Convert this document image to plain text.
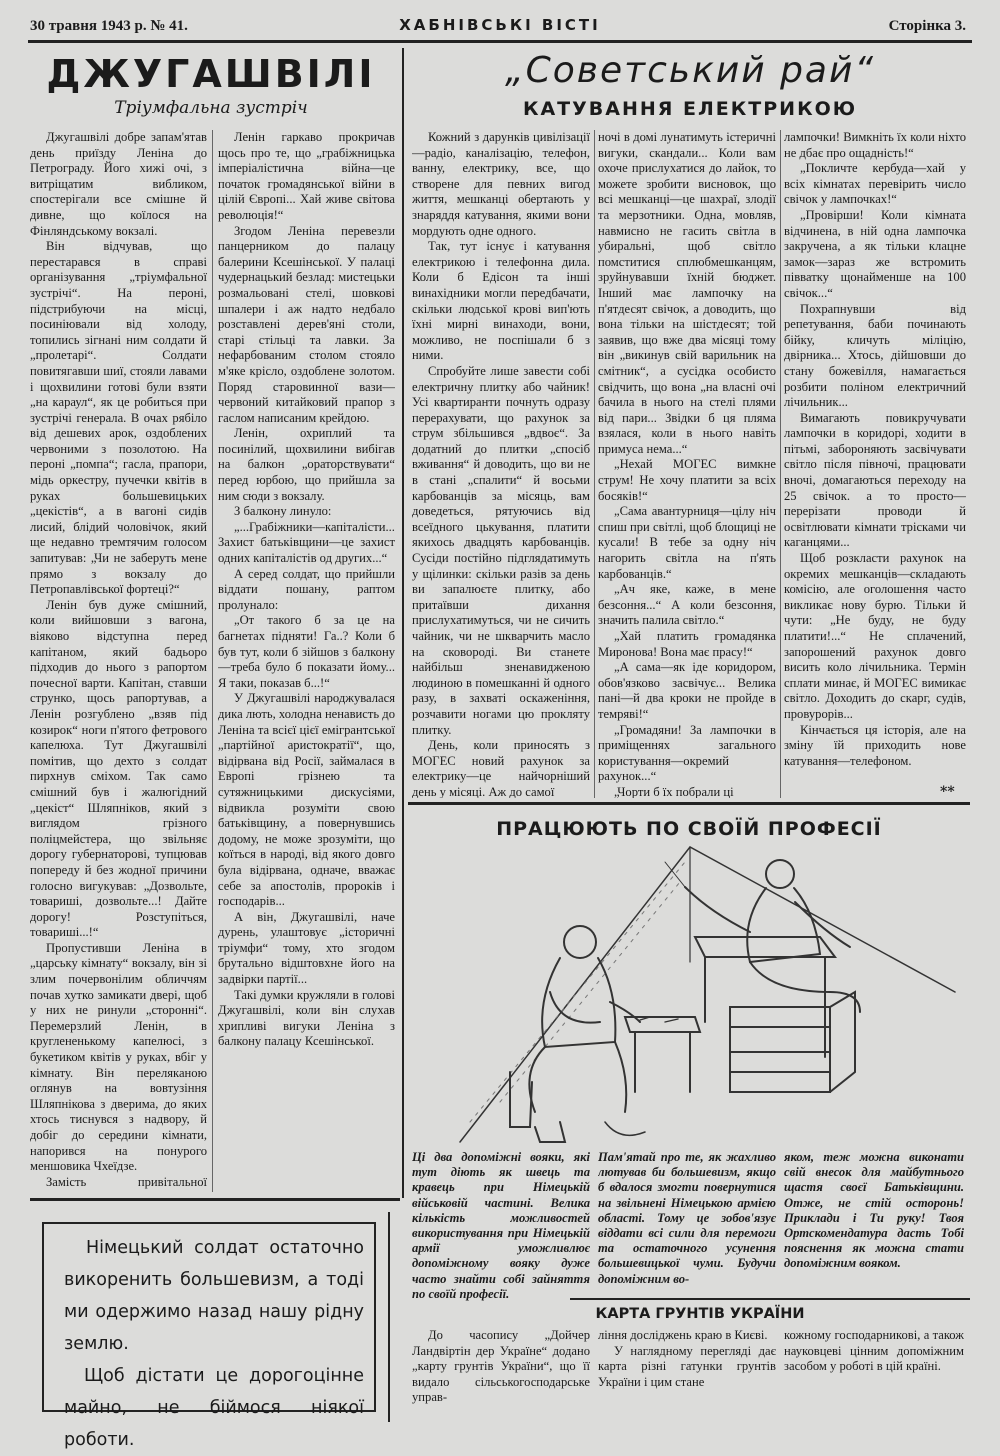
30 травня 1943 р. № 41.	ХАБНІВСЬКІ ВІСТІ	Сторінка 3.
ДЖУГАШВІЛІ
Тріумфальна зустріч

Джугашвілі добре запам'ятав день приїзду Леніна до Петрограду. Його хижі очі, з витріщатим вибликом, спостерігали все смішне й дивне, що коїлося на Фінляндському вокзалі.

Він відчував, що перестарався в справі організування „тріумфальної зустрічі“. На пероні, підстрибуючи на місці, посиніювали від холоду, топились зігнані ним солдати й „пролетарі“. Солдати повитягавши шиї, стояли лавами і щохвилини готові були взяти „на караул“, як це робиться при зустрічі генерала. В очах рябіло від дешевих арок, оздоблених червоними з позолотою. На пероні „помпа“; гасла, прапори, мідь оркестру, пучечки квітів в руках большевицьких „цекістів“, а в вагоні сидів лисий, блідий чоловічок, який ще недавно тремтячим голосом запитував: „Чи не заберуть мене прямо з вокзалу до Петропавлівської фортеці?“

Ленін був дуже смішний, коли вийшовши з вагона, віяково відступна перед капітаном, який бадьоро підходив до нього з рапортом почесної варти. Капітан, ставши струнко, щось рапортував, а Ленін розгублено „взяв під козирок“ ноги п'ятого фетрового капелюха. Тут Джугашвілі помітив, що дехто з солдат пирхнув сміхом. Так само смішний був і жалюгідний „цекіст“ Шляпніков, який з виглядом грізного поліцмейстера, що звільняє дорогу губернаторові, тупцював попереду й без жодної причини голосно вигукував: „Дозвольте, товариші, дозвольте...! Дайте дорогу! Розступіться, товариші...!“

Пропустивши Леніна в „царську кімнату“ вокзалу, він зі злим почервонілим обличчям почав хутко замикати двері, щоб у них не ринули „сторонні“. Перемерзлий Ленін, в круглененькому капелюсі, з букетиком квітів у руках, вбіг у кімнату. Він переляканою оглянув на вовтузіння Шляпнікова з дверима, до яких хтось тиснувся з надвору, й добіг до середини кімнати, напорився на понурого меншовика Чхеїдзе.

Замість привітальної

Ленін гаркаво прокричав щось про те, що „грабіжницька імперіалістична війна—це початок громадянської війни в цілій Європі... Хай живе світова революція!“

Згодом Леніна перевезли панцерником до палацу балерини Ксешінської. У палаці чудернацький безлад: мистецьки розмальовані стелі, шовкові шпалери і аж надто недбало розставлені дерев'яні столи, старі стільці та лавки. За нефарбованим столом стояло м'яке крісло, оздоблене золотом. Поряд старовинної вази—червоний китайковий прапор з гаслом написаним крейдою.

Ленін, охриплий та посинілий, щохвилини вибігав на балкон „ораторствувати“ перед юрбою, що прийшла за ним сюди з вокзалу.

З балкону линуло:

„...Грабіжники—капіталісти... Захист батьківщини—це захист одних капіталістів од других...“

А серед солдат, що прийшли віддати пошану, раптом пролунало:

„От такого б за це на багнетах підняти! Га..? Коли б був тут, коли б зійшов з балкону—треба було б показати йому... Я таки, показав б...!“

У Джугашвілі народжувалася дика лють, холодна ненависть до Леніна та всієї цієї емігрантської „партійної аристократії“, що, відірвана від Росії, займалася в Европі грізнею та сутяжницькими дискусіями, відвикла розуміти свою батьківщину, а повернувшись додому, не може зрозуміти, що коїться в народі, від якого довго була відірвана, одначе, вважає себе за апостолів, пророків і господарів...

А він, Джугашвілі, наче дурень, улаштовує „історичні тріумфи“ тому, хто згодом брутально відштовхне його на задвірки партії...

Такі думки кружляли в голові Джугашвілі, коли він слухав хрипливі вигуки Леніна з балкону палацу Ксешінської.

Німецький солдат остаточно викоренить большевизм, а тоді ми одержимо назад нашу рідну землю.

Щоб дістати це дорогоцінне майно, не біймося ніякої роботи.

„Советський рай“
КАТУВАННЯ ЕЛЕКТРИКОЮ

Кожний з дарунків цивілізації—радіо, каналізацію, телефон, ванну, електрику, все, що створене для певних вигод життя, мешканці обертають у знаряддя катування, якими вони мордують одне одного.

Так, тут існує і катування електрикою і телефонна дила. Коли б Едісон та інші винахідники могли передбачати, скільки людської крові вип'ють їхні мирні винаходи, вони, можливо, не поспішали б з ними.

Спробуйте лише завести собі електричну плитку або чайник! Усі квартиранти почнуть одразу перерахувати, що рахунок за струм збільшився „вдвоє“. За додатний до плитки „спосіб вживання“ й доводить, що ви не в стані „спалити“ й восьми карбованців за місяць, вам доведеться, рятуючись від всеїдного цькування, платити якихось двадцять карбованців. Сусіди постійно підглядатимуть у щілинки: скільки разів за день ви запалюєте плитку, або притаївши дихання прислухатимуться, чи не сичить чайник, чи не шкварчить масло на сковороді. Ви станете найбільш зненавидженою людиною в помешканні й одного разу, в захваті оскаженіння, розчавити ногами цю прокляту плитку.

День, коли приносять з МОГЕС новий рахунок за електрику—це найчорніший день у місяці. Аж до самої

ночі в домі лунатимуть істеричні вигуки, скандали... Коли вам охоче прислухатися до лайок, то можете зробити висновок, що всі мешканці—це шахраї, злодії та мерзотники. Одна, мовляв, навмисно не гасить світла в убиральні, щоб світло помститися сплюбмешканцям, зруйнувавши їхній бюджет. Інший має лампочку на п'ятдесят свічок, а доводить, що вона тільки на шістдесят; той заявив, що вже два місяці тому він „викинув свій варильник на смітник“, а сусідка особисто свідчить, що вона „на власні очі бачила в нього на стелі плями від пари... Звідки б ця пляма взялася, коли в нього навіть примуса нема...“

„Нехай МОГЕС вимкне струм! Не хочу платити за всіх босяків!“

„Сама авантурниця—цілу ніч спиш при світлі, щоб блощиці не кусали! В тебе за одну ніч нагорить світла на п'ять карбованців.“

„Ач яке, каже, в мене безсоння...“ А коли безсоння, значить палила світло.“

„Хай платить громадянка Миронова! Вона має прасу!“

„А сама—як іде коридором, обов'язково засвічує... Велика пані—й два кроки не пройде в темряві!“

„Громадяни! За лампочки в приміщеннях загального користування—окремий рахунок...“

„Чорти б їх побрали ці

лампочки! Вимкніть їх коли ніхто не дбає про ощадність!“

„Покличте кербуда—хай у всіх кімнатах перевірить число свічок у лампочках!“

„Провірши! Коли кімната відчинена, в ній одна лампочка закручена, а як тільки клацне замок—зараз же встромить півватку щонайменше на 100 свічок...“

Похрапнувши від репетування, баби починають бійку, кличуть міліцію, двірника... Хтось, дійшовши до стану божевілля, намагається розбити поліном електричний лічильник...

Вимагають повикручувати лампочки в коридорі, ходити в пітьмі, забороняють засвічувати світло після півночі, працювати вночі, домагаються переходу на 25 свічок. а то просто—перерізати проводи й освітлювати кімнати трісками чи каганцями...

Щоб розкласти рахунок на окремих мешканців—складають комісію, але оголошення часто викликає нову бурю. Тільки й чути: „Не буду, не буду платити!...“ Не сплачений, запорошений рахунок довго висить коло лічильника. Термін сплати минає, й МОГЕС вимикає світло. Доходить до скарг, судів, провурорів...

Кінчається ця історія, але на зміну їй приходить нове катування—телефоном.

**
ПРАЦЮЮТЬ ПО СВОЇЙ ПРОФЕСІЇ
Ці два допоміжні вояки, які тут діють як швець та кравець при Німецькій військовій частині. Велика кількість можливостей використування при Німецькій армії уможливлює допоміжному вояку дуже часто знайти собі зайняття по своїй професії.
Пам'ятай про те, як жахливо лютував би большевизм, якщо б вдалося змогти повернутися на звільнені Німецькою армією області. Тому це зобов'язує віддати всі сили для перемоги та остаточного усунення большевицької чуми. Будучи допоміжним во-
яком, теж можна виконати свій внесок для майбутнього щастя своєї Батьківщини. Отже, не стій осторонь! Приклади і Ти руку! Твоя Ортскомендатура дасть Тобі пояснення як можна стати допоміжним вояком.
КАРТА ГРУНТІВ УКРАЇНИ

До часопису „Дойчер Ландвіртін дер Україне“ додано „карту грунтів України“, що її видало сільськогосподарське управ-

ління досліджень краю в Києві.

У наглядному перегляді дає карта різні гатунки грунтів України і цим стане

кожному господарникові, а також науковцеві цінним допоміжним засобом у роботі в цій країні.
